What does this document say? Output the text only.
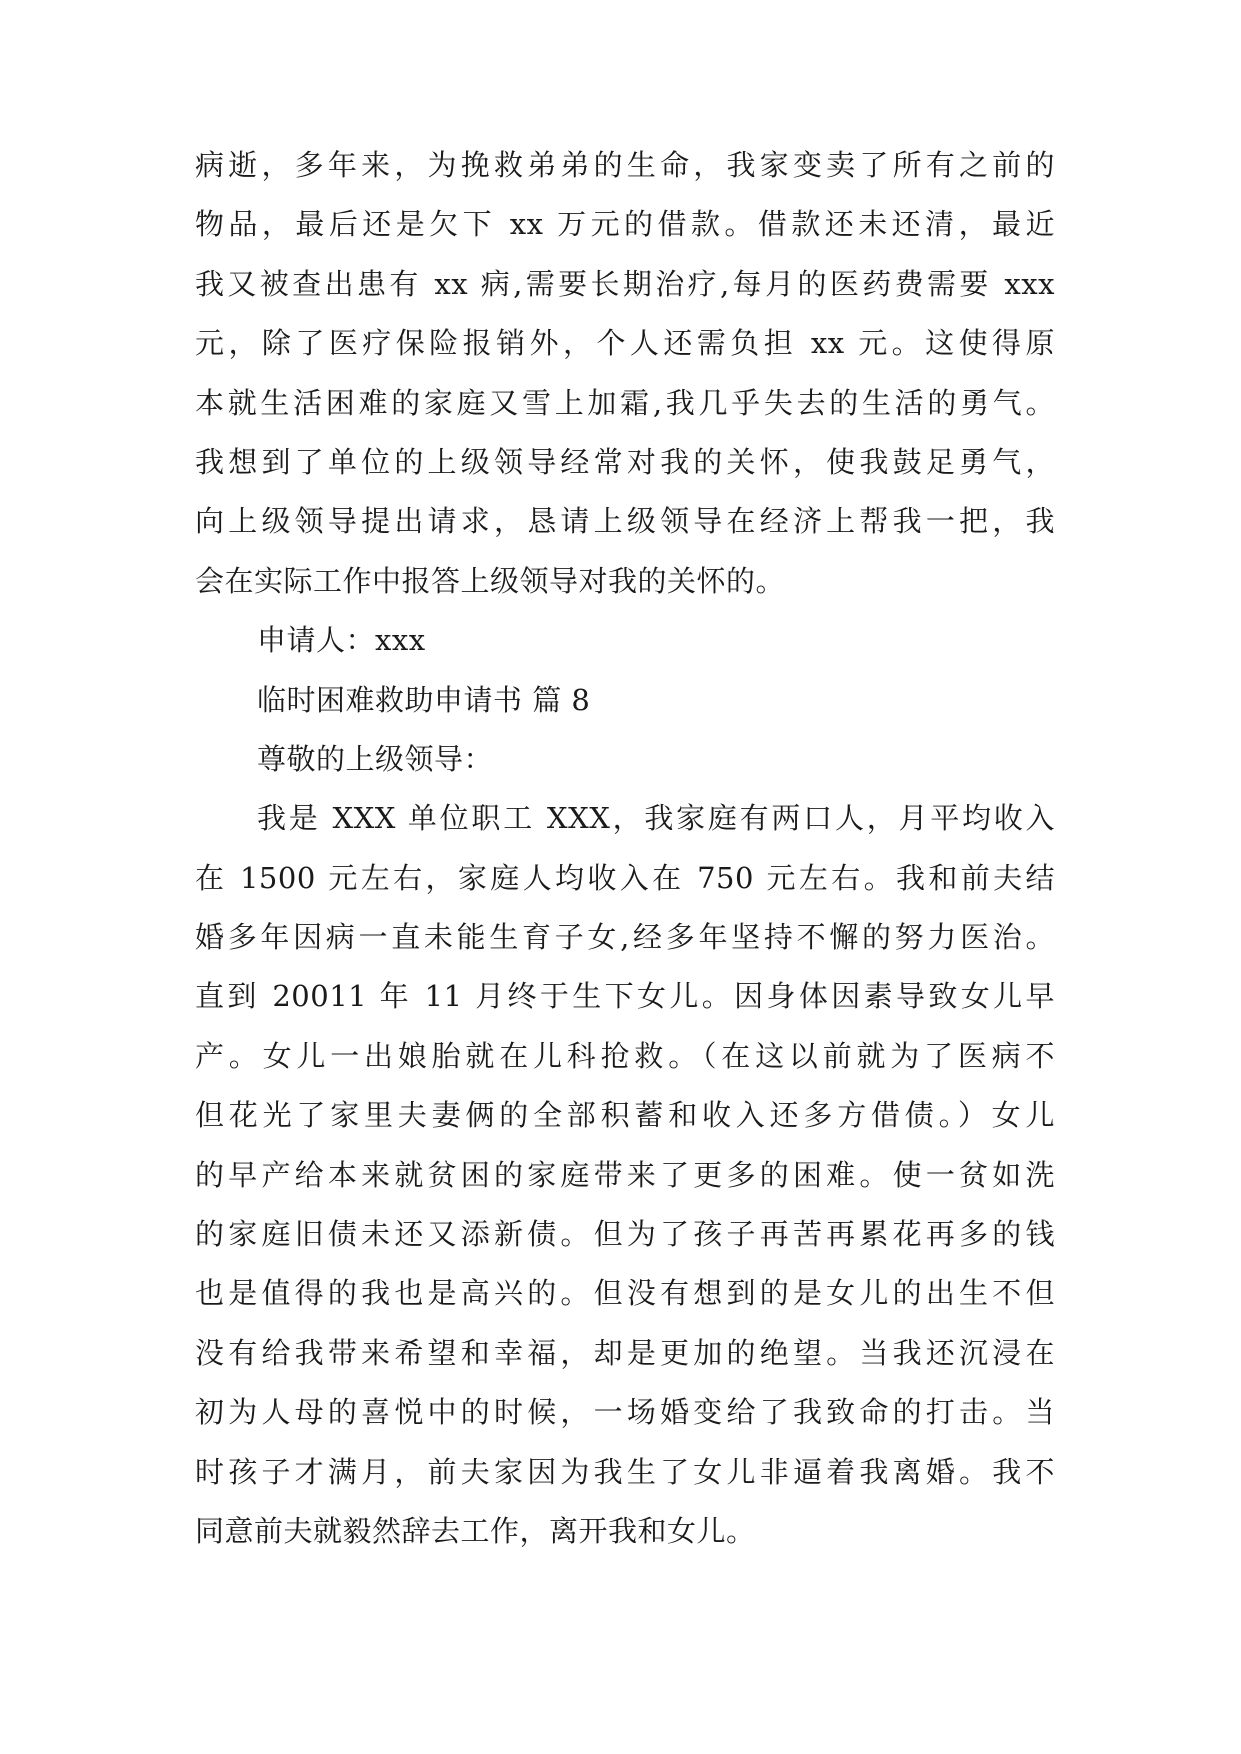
病逝，多年来，为挽救弟弟的生命，我家变卖了所有之前的
物品，最后还是欠下 xx 万元的借款。借款还未还清，最近
我又被查出患有 xx 病,需要长期治疗,每月的医药费需要 xxx
元，除了医疗保险报销外，个人还需负担 xx 元。这使得原
本就生活困难的家庭又雪上加霜,我几乎失去的生活的勇气。
我想到了单位的上级领导经常对我的关怀，使我鼓足勇气，
向上级领导提出请求，恳请上级领导在经济上帮我一把，我
会在实际工作中报答上级领导对我的关怀的。
申请人：xxx
临时困难救助申请书 篇 8
尊敬的上级领导：
我是 XXX 单位职工 XXX，我家庭有两口人，月平均收入
在 1500 元左右，家庭人均收入在 750 元左右。我和前夫结
婚多年因病一直未能生育子女,经多年坚持不懈的努力医治。
直到 20011 年 11 月终于生下女儿。因身体因素导致女儿早
产。女儿一出娘胎就在儿科抢救。（在这以前就为了医病不
但花光了家里夫妻俩的全部积蓄和收入还多方借债。）女儿
的早产给本来就贫困的家庭带来了更多的困难。使一贫如洗
的家庭旧债未还又添新债。但为了孩子再苦再累花再多的钱
也是值得的我也是高兴的。但没有想到的是女儿的出生不但
没有给我带来希望和幸福，却是更加的绝望。当我还沉浸在
初为人母的喜悦中的时候，一场婚变给了我致命的打击。当
时孩子才满月，前夫家因为我生了女儿非逼着我离婚。我不
同意前夫就毅然辞去工作，离开我和女儿。
